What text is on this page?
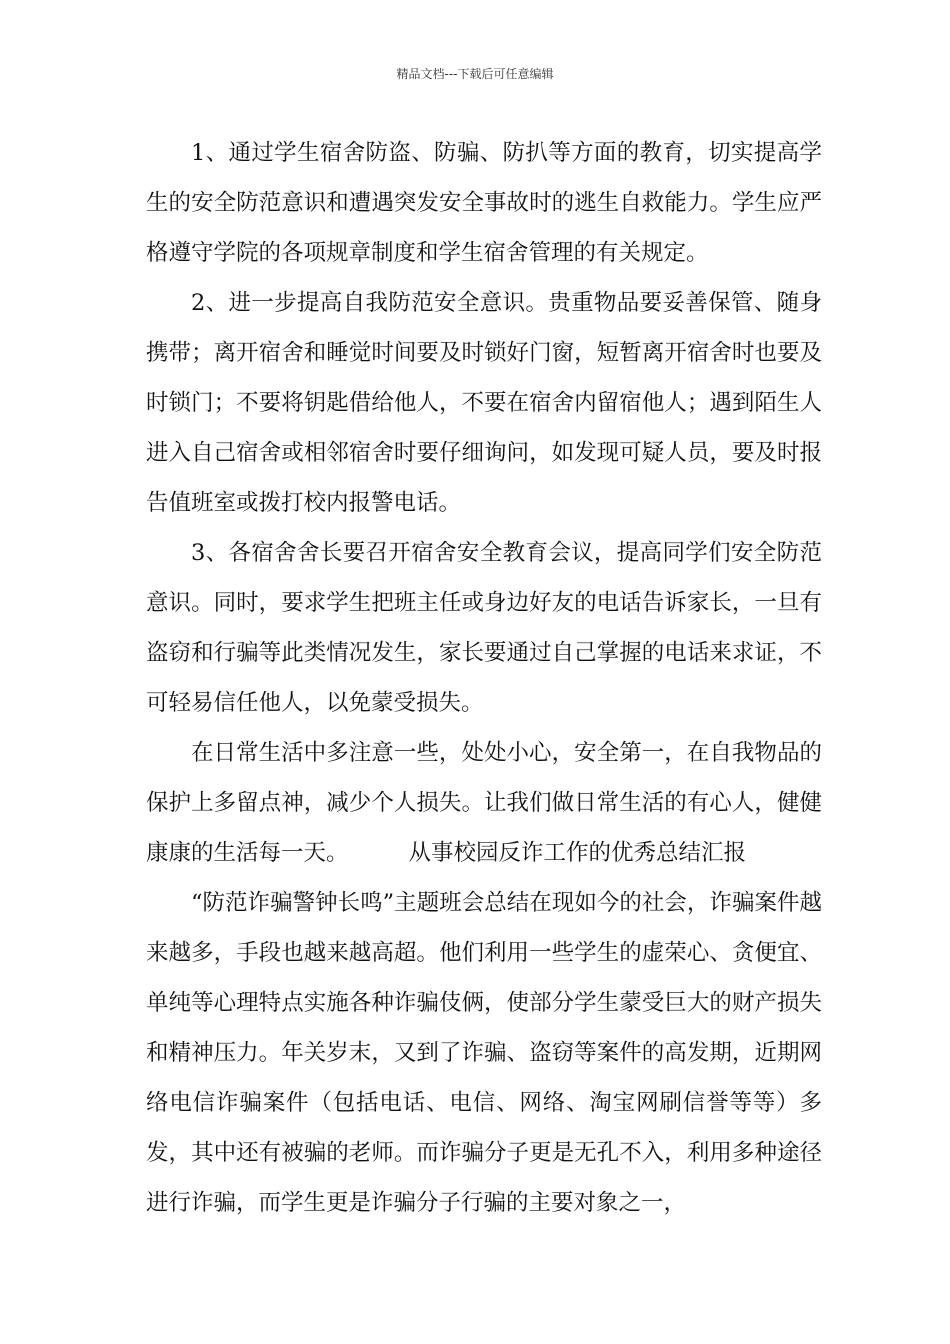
精品文档---下载后可任意编辑

1、通过学生宿舍防盗、防骗、防扒等方面的教育，切实提高学生的安全防范意识和遭遇突发安全事故时的逃生自救能力。学生应严格遵守学院的各项规章制度和学生宿舍管理的有关规定。

2、进一步提高自我防范安全意识。贵重物品要妥善保管、随身携带；离开宿舍和睡觉时间要及时锁好门窗，短暂离开宿舍时也要及时锁门；不要将钥匙借给他人，不要在宿舍内留宿他人；遇到陌生人进入自己宿舍或相邻宿舍时要仔细询问，如发现可疑人员，要及时报告值班室或拨打校内报警电话。

3、各宿舍舍长要召开宿舍安全教育会议，提高同学们安全防范意识。同时，要求学生把班主任或身边好友的电话告诉家长，一旦有盗窃和行骗等此类情况发生，家长要通过自己掌握的电话来求证，不可轻易信任他人，以免蒙受损失。

在日常生活中多注意一些，处处小心，安全第一，在自我物品的保护上多留点神，减少个人损失。让我们做日常生活的有心人，健健康康的生活每一天。	从事校园反诈工作的优秀总结汇报

“防范诈骗警钟长鸣”主题班会总结在现如今的社会，诈骗案件越来越多，手段也越来越高超。他们利用一些学生的虚荣心、贪便宜、单纯等心理特点实施各种诈骗伎俩，使部分学生蒙受巨大的财产损失和精神压力。年关岁末，又到了诈骗、盗窃等案件的高发期，近期网络电信诈骗案件（包括电话、电信、网络、淘宝网刷信誉等等）多发，其中还有被骗的老师。而诈骗分子更是无孔不入，利用多种途径进行诈骗，而学生更是诈骗分子行骗的主要对象之一，
